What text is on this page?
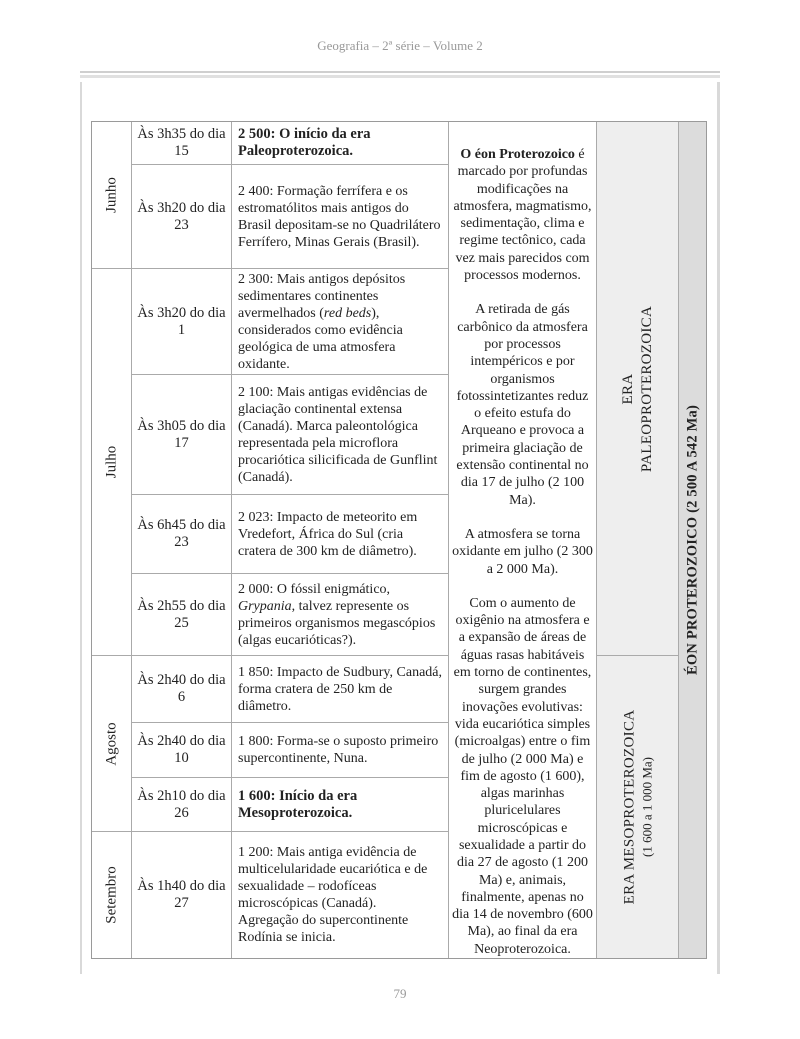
Geografia – 2ª série – Volume 2
Junho
Julho
Agosto
Setembro
Às 3h35 do dia 15
2 500: O início da era Paleoproterozoica.
Às 3h20 do dia 23
2 400: Formação ferrífera e os estromatólitos mais antigos do Brasil depositam-se no Quadrilátero Ferrífero, Minas Gerais (Brasil).
Às 3h20 do dia 1
2 300: Mais antigos depósitos sedimentares continentes avermelhados (red beds), considerados como evidência geológica de uma atmosfera oxidante.
Às 3h05 do dia 17
2 100: Mais antigas evidências de glaciação continental extensa (Canadá). Marca paleontológica representada pela microflora procariótica silicificada de Gunflint (Canadá).
Às 6h45 do dia 23
2 023: Impacto de meteorito em Vredefort, África do Sul (cria cratera de 300 km de diâmetro).
Às 2h55 do dia 25
2 000: O fóssil enigmático, Grypania, talvez represente os primeiros organismos megascópios (algas eucarióticas?).
Às 2h40 do dia 6
1 850: Impacto de Sudbury, Canadá, forma cratera de 250 km de diâmetro.
Às 2h40 do dia 10
1 800: Forma-se o suposto primeiro supercontinente, Nuna.
Às 2h10 do dia 26
1 600: Início da era Mesoproterozoica.
Às 1h40 do dia 27
1 200: Mais antiga evidência de multicelularidade eucariótica e de sexualidade – rodofíceas microscópicas (Canadá).
Agregação do supercontinente Rodínia se inicia.

O éon Proterozoico é marcado por profundas modificações na atmosfera, magmatismo, sedimentação, clima e regime tectônico, cada vez mais parecidos com processos modernos.

A retirada de gás carbônico da atmosfera por processos intempéricos e por organismos fotossintetizantes reduz o efeito estufa do Arqueano e provoca a primeira glaciação de extensão continental no dia 17 de julho (2 100 Ma).

A atmosfera se torna oxidante em julho (2 300 a 2 000 Ma).

Com o aumento de oxigênio na atmosfera e a expansão de áreas de águas rasas habitáveis em torno de continentes, surgem grandes inovações evolutivas: vida eucariótica simples (microalgas) entre o fim de julho (2 000 Ma) e fim de agosto (1 600), algas marinhas pluricelulares microscópicas e sexualidade a partir do dia 27 de agosto (1 200 Ma) e, animais, finalmente, apenas no dia 14 de novembro (600 Ma), ao final da era Neoproterozoica.

ERA PALEOPROTEROZOICA
ERA MESOPROTEROZOICA (1 600 a 1 000 Ma)
ÉON PROTEROZOICO (2 500 A 542 Ma)
79
